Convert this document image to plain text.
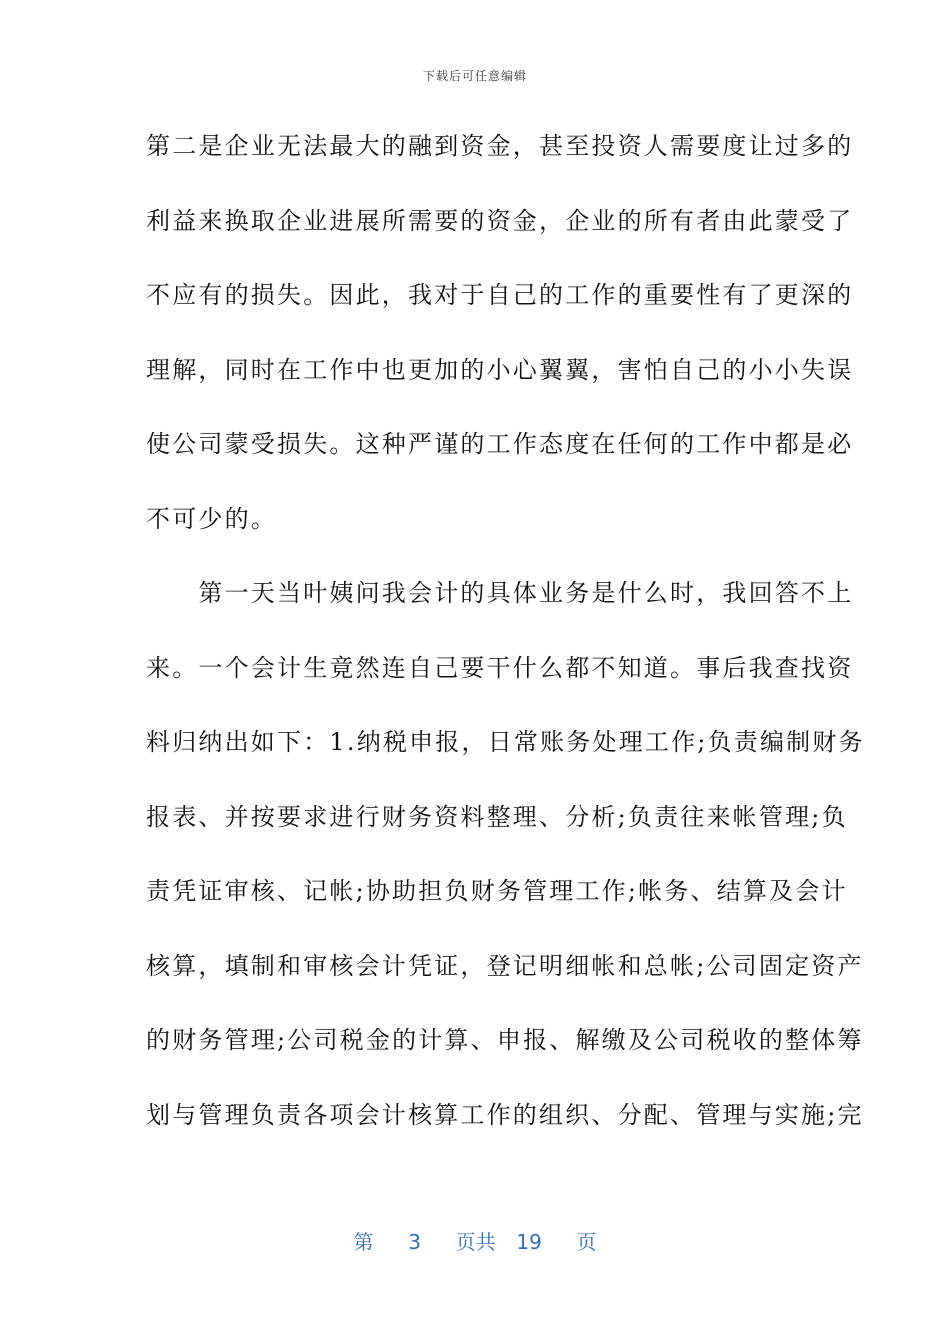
下载后可任意编辑
第二是企业无法最大的融到资金，甚至投资人需要度让过多的
利益来换取企业进展所需要的资金，企业的所有者由此蒙受了
不应有的损失。因此，我对于自己的工作的重要性有了更深的
理解，同时在工作中也更加的小心翼翼，害怕自己的小小失误
使公司蒙受损失。这种严谨的工作态度在任何的工作中都是必
不可少的。
　　第一天当叶姨问我会计的具体业务是什么时，我回答不上
来。一个会计生竟然连自己要干什么都不知道。事后我查找资
料归纳出如下：1.纳税申报，日常账务处理工作;负责编制财务
报表、并按要求进行财务资料整理、分析;负责往来帐管理;负
责凭证审核、记帐;协助担负财务管理工作;帐务、结算及会计
核算，填制和审核会计凭证，登记明细帐和总帐;公司固定资产
的财务管理;公司税金的计算、申报、解缴及公司税收的整体筹
划与管理负责各项会计核算工作的组织、分配、管理与实施;完
第 3 页共 19 页
